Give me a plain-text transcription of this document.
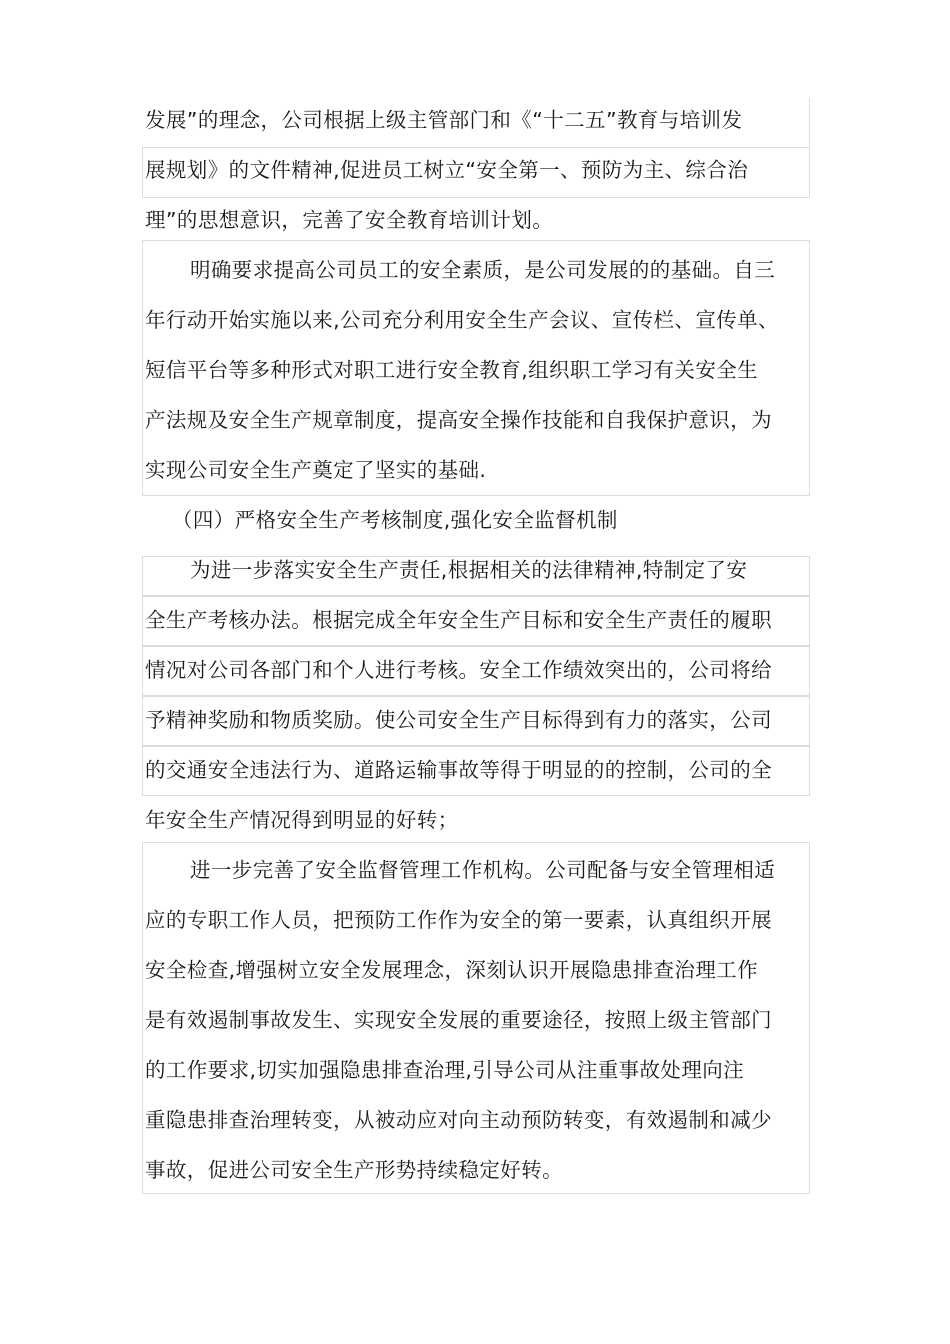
发展”的理念，公司根据上级主管部门和《“十二五”教育与培训发
展规划》的文件精神,促进员工树立“安全第一、预防为主、综合治
理”的思想意识，完善了安全教育培训计划。
明确要求提高公司员工的安全素质，是公司发展的的基础。自三
年行动开始实施以来,公司充分利用安全生产会议、宣传栏、宣传单、
短信平台等多种形式对职工进行安全教育,组织职工学习有关安全生
产法规及安全生产规章制度，提高安全操作技能和自我保护意识，为
实现公司安全生产奠定了坚实的基础.
（四）严格安全生产考核制度,强化安全监督机制
为进一步落实安全生产责任,根据相关的法律精神,特制定了安
全生产考核办法。根据完成全年安全生产目标和安全生产责任的履职
情况对公司各部门和个人进行考核。安全工作绩效突出的，公司将给
予精神奖励和物质奖励。使公司安全生产目标得到有力的落实，公司
的交通安全违法行为、道路运输事故等得于明显的的控制，公司的全
年安全生产情况得到明显的好转；
进一步完善了安全监督管理工作机构。公司配备与安全管理相适
应的专职工作人员，把预防工作作为安全的第一要素，认真组织开展
安全检查,增强树立安全发展理念，深刻认识开展隐患排查治理工作
是有效遏制事故发生、实现安全发展的重要途径，按照上级主管部门
的工作要求,切实加强隐患排查治理,引导公司从注重事故处理向注
重隐患排查治理转变，从被动应对向主动预防转变，有效遏制和减少
事故，促进公司安全生产形势持续稳定好转。
